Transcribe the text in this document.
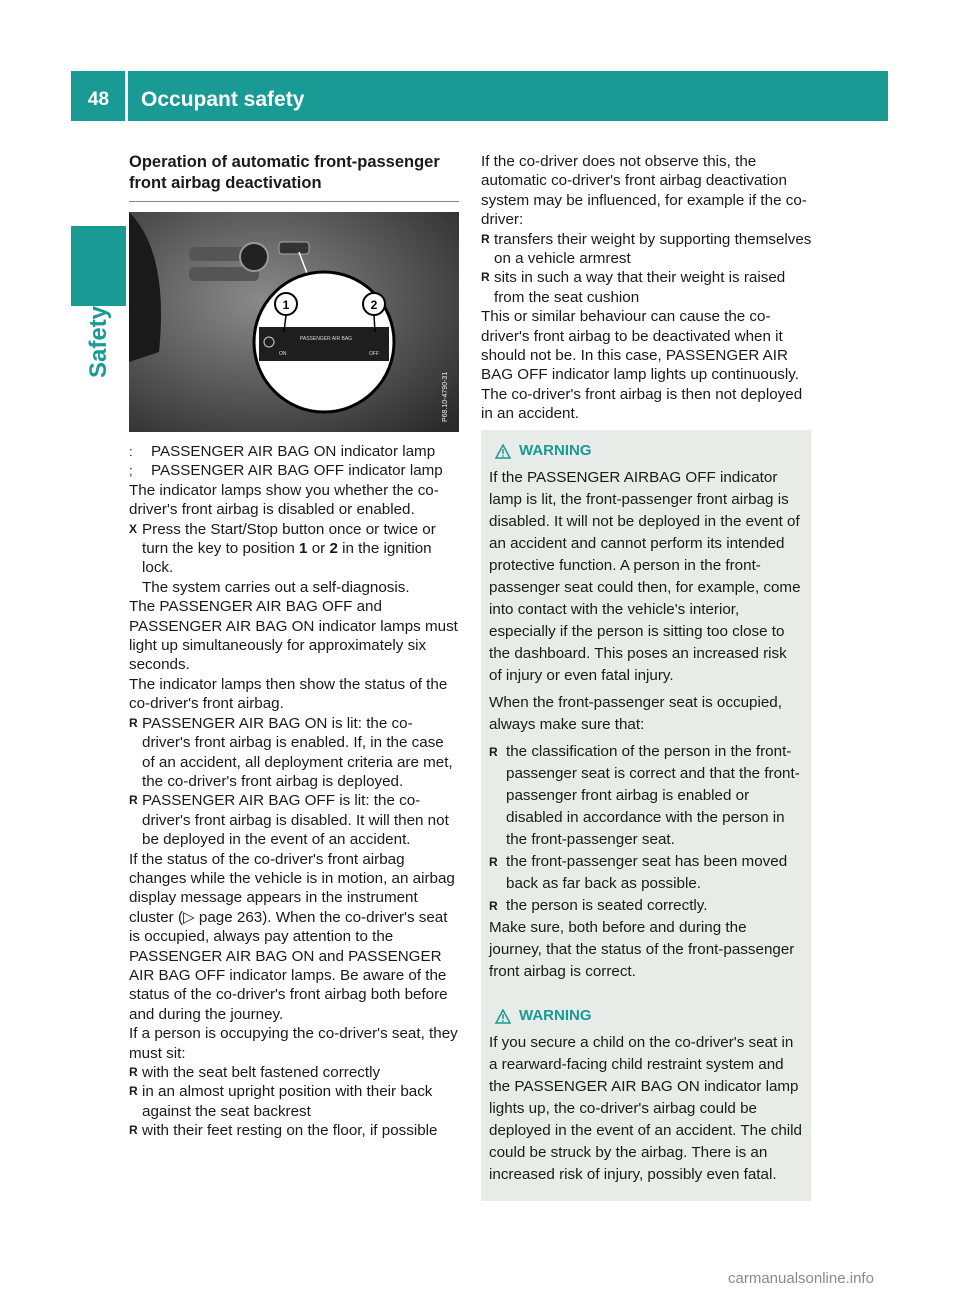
48	Occupant safety
Safety

Operation of automatic front-passenger front airbag deactivation

1	2
ON
PASSENGER AIR BAG
OFF
P68.10-4790-31
:	PASSENGER AIR BAG ON indicator lamp
;	PASSENGER AIR BAG OFF indicator lamp

The indicator lamps show you whether the co-driver's front airbag is disabled or enabled.

X Press the Start/Stop button once or twice or turn the key to position 1 or 2 in the ignition lock.
The system carries out a self-diagnosis.

The PASSENGER AIR BAG OFF and PASSENGER AIR BAG ON indicator lamps must light up simultaneously for approximately six seconds.

The indicator lamps then show the status of the co-driver's front airbag.

R PASSENGER AIR BAG ON is lit: the co-driver's front airbag is enabled. If, in the case of an accident, all deployment criteria are met, the co-driver's front airbag is deployed.
R PASSENGER AIR BAG OFF is lit: the co-driver's front airbag is disabled. It will then not be deployed in the event of an accident.

If the status of the co-driver's front airbag changes while the vehicle is in motion, an airbag display message appears in the instrument cluster (▷ page 263). When the co-driver's seat is occupied, always pay attention to the PASSENGER AIR BAG ON and PASSENGER AIR BAG OFF indicator lamps. Be aware of the status of the co-driver's front airbag both before and during the journey.

If a person is occupying the co-driver's seat, they must sit:

R with the seat belt fastened correctly
R in an almost upright position with their back against the seat backrest
R with their feet resting on the floor, if possible

If the co-driver does not observe this, the automatic co-driver's front airbag deactivation system may be influenced, for example if the co-driver:

R transfers their weight by supporting themselves on a vehicle armrest
R sits in such a way that their weight is raised from the seat cushion

This or similar behaviour can cause the co-driver's front airbag to be deactivated when it should not be. In this case, PASSENGER AIR BAG OFF indicator lamp lights up continuously. The co-driver's front airbag is then not deployed in an accident.

WARNING

If the PASSENGER AIRBAG OFF indicator lamp is lit, the front-passenger front airbag is disabled. It will not be deployed in the event of an accident and cannot perform its intended protective function. A person in the front-passenger seat could then, for example, come into contact with the vehicle's interior, especially if the person is sitting too close to the dashboard. This poses an increased risk of injury or even fatal injury.

When the front-passenger seat is occupied, always make sure that:

R the classification of the person in the front-passenger seat is correct and that the front-passenger front airbag is enabled or disabled in accordance with the person in the front-passenger seat.
R the front-passenger seat has been moved back as far back as possible.
R the person is seated correctly.

Make sure, both before and during the journey, that the status of the front-passenger front airbag is correct.

WARNING

If you secure a child on the co-driver's seat in a rearward-facing child restraint system and the PASSENGER AIR BAG ON indicator lamp lights up, the co-driver's airbag could be deployed in the event of an accident. The child could be struck by the airbag. There is an increased risk of injury, possibly even fatal.

carmanualsonline.info
